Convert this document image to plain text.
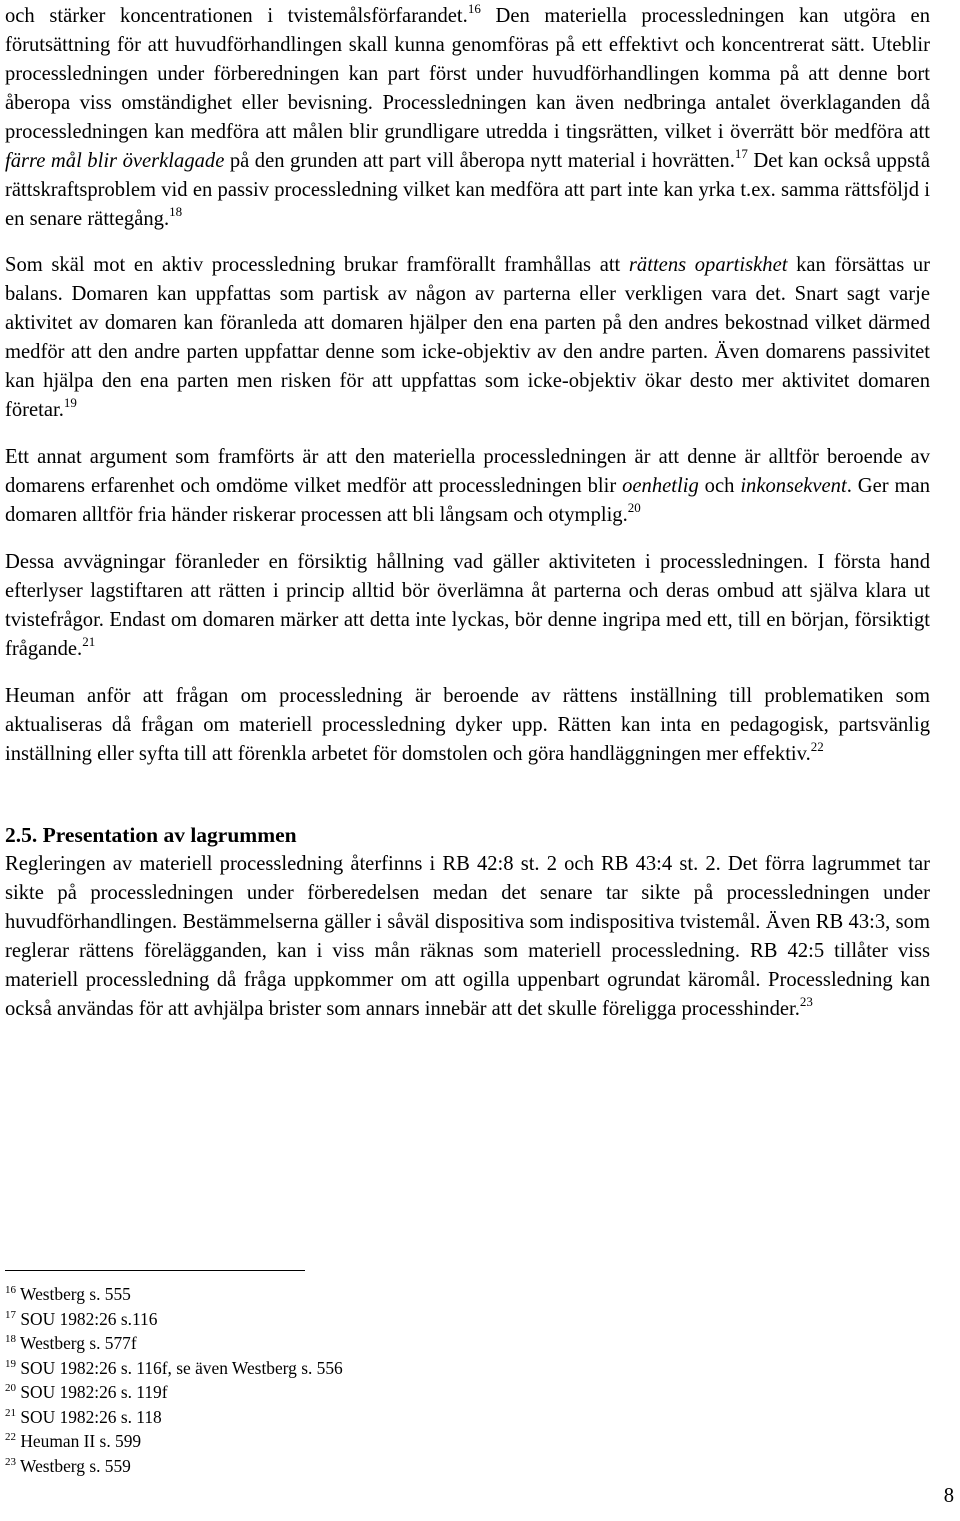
och stärker koncentrationen i tvistemålsförfarandet.$^{16}$ Den materiella processledningen kan utgöra en förutsättning för att huvudförhandlingen skall kunna genomföras på ett effektivt och koncentrerat sätt. Uteblir processledningen under förberedningen kan part först under huvudförhandlingen komma på att denne bort åberopa viss omständighet eller bevisning. Processledningen kan även nedbringa antalet överklaganden då processledningen kan medföra att målen blir grundligare utredda i tingsrätten, vilket i överrätt bör medföra att färre mål blir överklagade på den grunden att part vill åberopa nytt material i hovrätten.$^{17}$ Det kan också uppstå rättskraftsproblem vid en passiv processledning vilket kan medföra att part inte kan yrka t.ex. samma rättsföljd i en senare rättegång.$^{18}$

Som skäl mot en aktiv processledning brukar framförallt framhållas att rättens opartiskhet kan försättas ur balans. Domaren kan uppfattas som partisk av någon av parterna eller verkligen vara det. Snart sagt varje aktivitet av domaren kan föranleda att domaren hjälper den ena parten på den andres bekostnad vilket därmed medför att den andre parten uppfattar denne som icke-objektiv av den andre parten. Även domarens passivitet kan hjälpa den ena parten men risken för att uppfattas som icke-objektiv ökar desto mer aktivitet domaren företar.$^{19}$

Ett annat argument som framförts är att den materiella processledningen är att denne är alltför beroende av domarens erfarenhet och omdöme vilket medför att processledningen blir oenhetlig och inkonsekvent. Ger man domaren alltför fria händer riskerar processen att bli långsam och otymplig.$^{20}$

Dessa avvägningar föranleder en försiktig hållning vad gäller aktiviteten i processledningen. I första hand efterlyser lagstiftaren att rätten i princip alltid bör överlämna åt parterna och deras ombud att själva klara ut tvistefrågor. Endast om domaren märker att detta inte lyckas, bör denne ingripa med ett, till en början, försiktigt frågande.$^{21}$

Heuman anför att frågan om processledning är beroende av rättens inställning till problematiken som aktualiseras då frågan om materiell processledning dyker upp. Rätten kan inta en pedagogisk, partsvänlig inställning eller syfta till att förenkla arbetet för domstolen och göra handläggningen mer effektiv.$^{22}$

2.5. Presentation av lagrummen

Regleringen av materiell processledning återfinns i RB 42:8 st. 2 och RB 43:4 st. 2. Det förra lagrummet tar sikte på processledningen under förberedelsen medan det senare tar sikte på processledningen under huvudförhandlingen. Bestämmelserna gäller i såväl dispositiva som indispositiva tvistemål. Även RB 43:3, som reglerar rättens förelägganden, kan i viss mån räknas som materiell processledning. RB 42:5 tillåter viss materiell processledning då fråga uppkommer om att ogilla uppenbart ogrundat käromål. Processledning kan också användas för att avhjälpa brister som annars innebär att det skulle föreligga processhinder.$^{23}$

$^{16}$ Westberg s. 555
$^{17}$ SOU 1982:26 s.116
$^{18}$ Westberg s. 577f
$^{19}$ SOU 1982:26 s. 116f, se även Westberg s. 556
$^{20}$ SOU 1982:26 s. 119f
$^{21}$ SOU 1982:26 s. 118
$^{22}$ Heuman II s. 599
$^{23}$ Westberg s. 559
8
